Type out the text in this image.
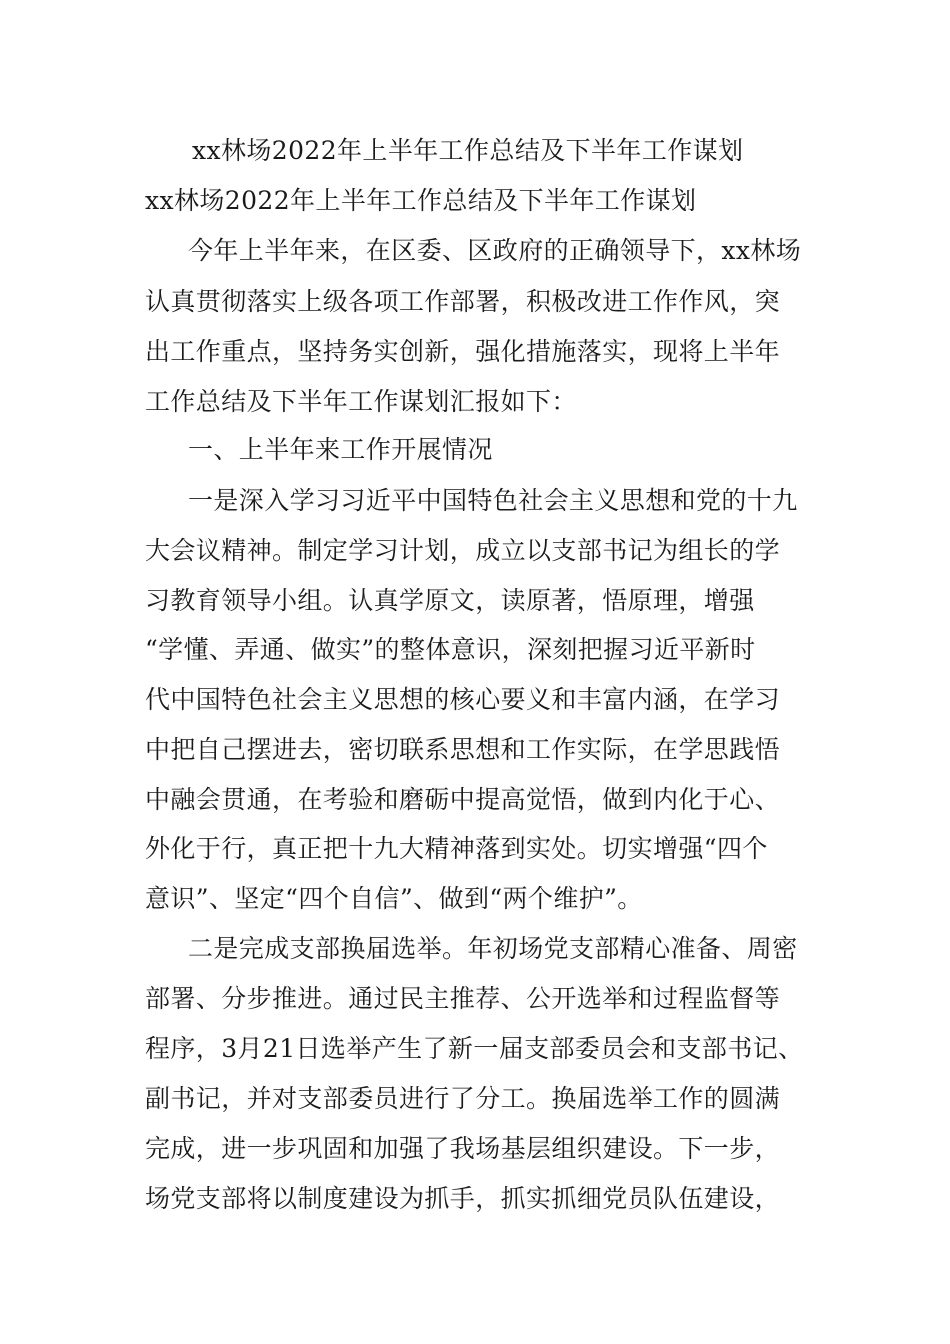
xx林场2022年上半年工作总结及下半年工作谋划
xx林场2022年上半年工作总结及下半年工作谋划
今年上半年来，在区委、区政府的正确领导下，xx林场
认真贯彻落实上级各项工作部署，积极改进工作作风，突
出工作重点，坚持务实创新，强化措施落实，现将上半年
工作总结及下半年工作谋划汇报如下：
一、上半年来工作开展情况
一是深入学习习近平中国特色社会主义思想和党的十九
大会议精神。制定学习计划，成立以支部书记为组长的学
习教育领导小组。认真学原文，读原著，悟原理，增强
“学懂、弄通、做实”的整体意识，深刻把握习近平新时
代中国特色社会主义思想的核心要义和丰富内涵，在学习
中把自己摆进去，密切联系思想和工作实际，在学思践悟
中融会贯通，在考验和磨砺中提高觉悟，做到内化于心、
外化于行，真正把十九大精神落到实处。切实增强“四个
意识”、坚定“四个自信”、做到“两个维护”。
二是完成支部换届选举。年初场党支部精心准备、周密
部署、分步推进。通过民主推荐、公开选举和过程监督等
程序，3月21日选举产生了新一届支部委员会和支部书记、
副书记，并对支部委员进行了分工。换届选举工作的圆满
完成，进一步巩固和加强了我场基层组织建设。下一步，
场党支部将以制度建设为抓手，抓实抓细党员队伍建设，
